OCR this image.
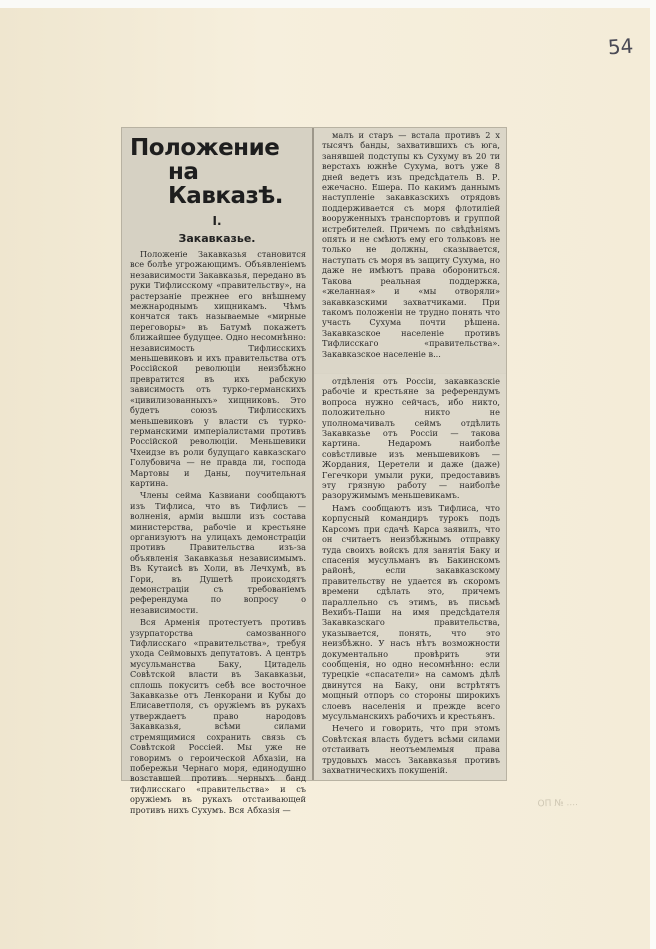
54
Положение
на Кавказѣ.
I.
Закавказье.

Положеніе Закавказья становится все болѣе угрожающимъ. Объявленіемъ независимости Закавказья, передано въ руки Тифлисскому «правительству», на растерзаніе прежнее его внѣшнему межнароднымъ хищникамъ. Чѣмъ кончатся такъ называемые «мирные переговоры» въ Батумѣ покажетъ ближайшее будущее. Одно несомнѣнно: независимость Тифлисскихъ меньшевиковъ и ихъ правительства отъ Россійской революціи неизбѣжно превратится въ ихъ рабскую зависимость отъ турко-германскихъ «цивилизованныхъ» хищниковъ. Это будетъ союзъ Тифлисскихъ меньшевиковъ у власти съ турко-германскими имперіалистами противъ Россійской революціи. Меньшевики Чхеидзе въ роли будущаго кавказскаго Голубовича — не правда ли, господа Мартовы и Даны, поучительная картина.

Члены сейма Казвиани сообщаютъ изъ Тифлиса, что въ Тифлисъ — волненія, арміи вышли изъ состава министерства, рабочіе и крестьяне организуютъ на улицахъ демонстраціи противъ Правительства изъ-за объявленія Закавказья независимымъ. Въ Кутаисѣ въ Холи, въ Лечхумѣ, въ Гори, въ Душетѣ происходятъ демонстраціи съ требованіемъ референдума по вопросу о независимости.

Вся Арменія протестуетъ противъ узурпаторства самозванного Тифлисскаго «правительства», требуя ухода Сеймовыхъ депутатовъ. А центръ мусульманства Баку, Цитадель Совѣтской власти въ Закавказьи, сплошь покуситъ себѣ все восточное Закавказье отъ Ленкорани и Кубы до Елисаветполя, съ оружіемъ въ рукахъ утверждаетъ право народовъ Закавказья, всѣми силами стремящимися сохранить связь съ Совѣтской Россіей. Мы уже не говоримъ о героической Абхазіи, на побережьи Чернаго моря, единодушно возставшей противъ черныхъ банд тифлисскаго «правительства» и съ оружіемъ въ рукахъ отстаивающей противъ нихъ Сухумъ. Вся Абхазія —

малъ и старъ — встала противъ 2 х тысячъ банды, захватившихъ съ юга, занявшей подступы къ Сухуму въ 20 ти верстахъ южнѣе Сухума, вотъ уже 8 дней ведетъ изъ предсѣдатель В. Р. ежечасно. Ешера. По какимъ даннымъ наступленіе закавказскихъ отрядовъ поддерживается съ моря флотиліей вооруженныхъ транспортовъ и группой истребителей. Причемъ по свѣдѣніямъ опять и не смѣютъ ему его тольковъ не только не должны, сказывается, наступать съ моря въ защиту Сухума, но даже не имѣютъ права оборониться. Такова реальная поддержка, «желанная» и «мы отворяли» закавказскими захватчиками. При такомъ положеніи не трудно понять что участь Сухума почти рѣшена. Закавказское населеніе противъ Тифлисскаго «правительства». Закавказское населеніе в...

отдѣленія отъ Россіи, закавказскіе рабочіе и крестьяне за референдумъ вопроса нужно сейчасъ, ибо никто, положительно никто не уполномачивалъ сеймъ отдѣлить Закавказье отъ Россіи — такова картина. Недаромъ наиболѣе совѣстливые изъ меньшевиковъ — Жордания, Церетели и даже (даже) Гегечкори умыли руки, предоставивъ эту грязную работу — наиболѣе разоружимымъ меньшевикамъ.

Намъ сообщаютъ изъ Тифлиса, что корпусный командиръ турокъ подъ Карсомъ при сдачѣ Карса заявилъ, что он считаетъ неизбѣжнымъ отправку туда своихъ войскъ для занятія Баку и спасенія мусульманъ въ Бакинскомъ районѣ, если закавказскому правительству не удается въ скоромъ времени сдѣлать это, причемъ параллельно съ этимъ, въ письмѣ Вехибъ-Паши на имя предсѣдателя Закавказскаго правительства, указывается, понять, что это неизбѣжно. У насъ нѣтъ возможности документально провѣрить эти сообщенія, но одно несомнѣнно: если турецкіе «спасатели» на самомъ дѣлѣ двинутся на Баку, они встрѣтятъ мощный отпоръ со стороны широкихъ слоевъ населенія и прежде всего мусульманскихъ рабочихъ и крестьянъ.

Нечего и говорить, что при этомъ Совѣтская власть будетъ всѣми силами отстаивать неотъемлемыя права трудовыхъ массъ Закавказья противъ захватническихъ покушеній.

ОП № ....
